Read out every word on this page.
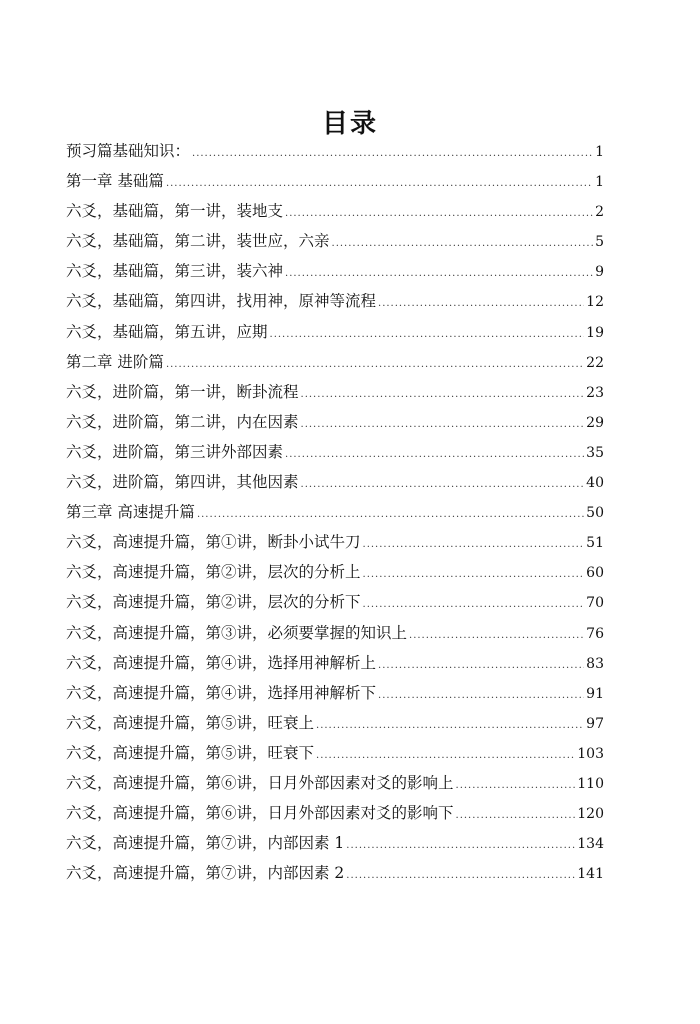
目录
预习篇基础知识： .....	1
第一章 基础篇 .....	1
六爻，基础篇，第一讲，装地支 .....	2
六爻，基础篇，第二讲，装世应，六亲 .....	5
六爻，基础篇，第三讲，装六神 .....	9
六爻，基础篇，第四讲，找用神，原神等流程 .....	12
六爻，基础篇，第五讲，应期 .....	19
第二章 进阶篇 .....	22
六爻，进阶篇，第一讲，断卦流程 .....	23
六爻，进阶篇，第二讲，内在因素 .....	29
六爻，进阶篇，第三讲外部因素 .....	35
六爻，进阶篇，第四讲，其他因素 .....	40
第三章 高速提升篇 .....	50
六爻，高速提升篇，第①讲，断卦小试牛刀 .....	51
六爻，高速提升篇，第②讲，层次的分析上 .....	60
六爻，高速提升篇，第②讲，层次的分析下 .....	70
六爻，高速提升篇，第③讲，必须要掌握的知识上 .....	76
六爻，高速提升篇，第④讲，选择用神解析上 .....	83
六爻，高速提升篇，第④讲，选择用神解析下 .....	91
六爻，高速提升篇，第⑤讲，旺衰上 .....	97
六爻，高速提升篇，第⑤讲，旺衰下 .....	103
六爻，高速提升篇，第⑥讲，日月外部因素对爻的影响上 .....	110
六爻，高速提升篇，第⑥讲，日月外部因素对爻的影响下 .....	120
六爻，高速提升篇，第⑦讲，内部因素 1 .....	134
六爻，高速提升篇，第⑦讲，内部因素 2 .....	141
